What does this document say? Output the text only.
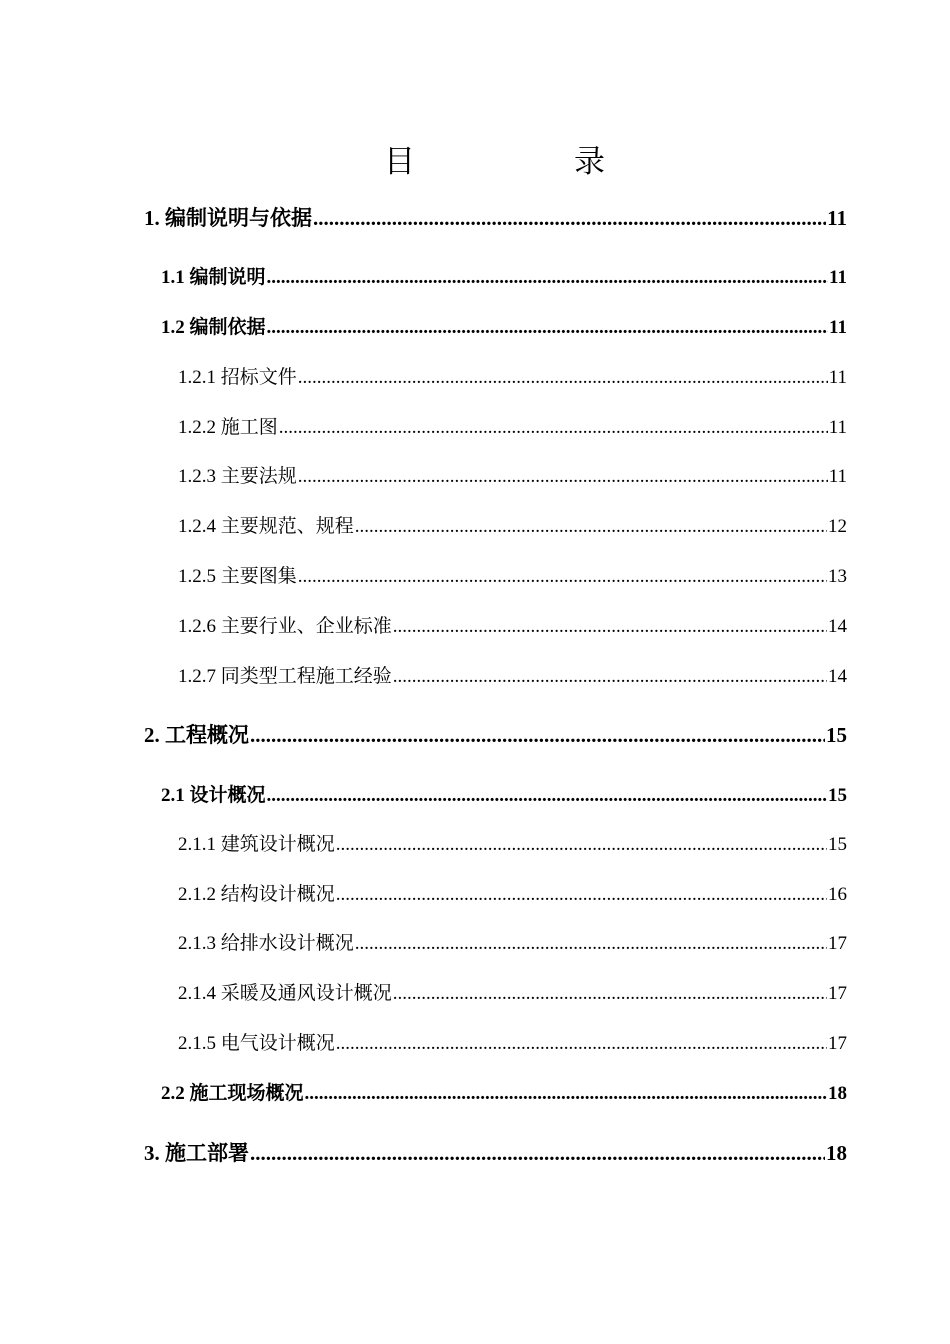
目	录
1. 编制说明与依据 .....	11
1.1 编制说明 .....	11
1.2 编制依据 .....	11
1.2.1 招标文件 .....	11
1.2.2 施工图 .....	11
1.2.3 主要法规 .....	11
1.2.4 主要规范、规程 .....	12
1.2.5 主要图集 .....	13
1.2.6 主要行业、企业标准 .....	14
1.2.7 同类型工程施工经验 .....	14
2. 工程概况 .....	15
2.1 设计概况 .....	15
2.1.1 建筑设计概况 .....	15
2.1.2 结构设计概况 .....	16
2.1.3 给排水设计概况 .....	17
2.1.4 采暖及通风设计概况 .....	17
2.1.5 电气设计概况 .....	17
2.2 施工现场概况 .....	18
3. 施工部署 .....	18
